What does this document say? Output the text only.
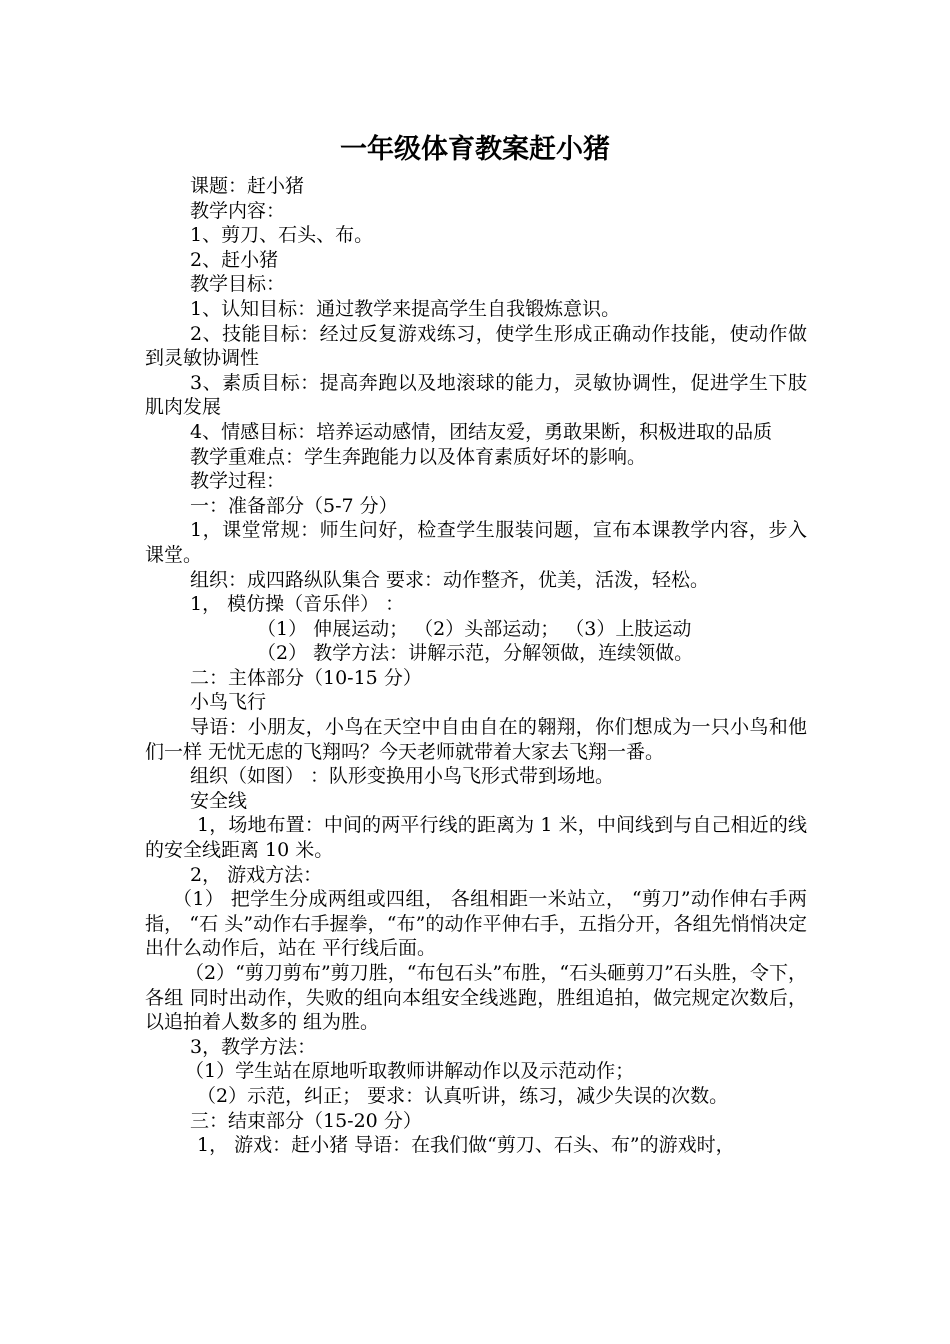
一年级体育教案赶小猪

课题：赶小猪

教学内容：

1、剪刀、石头、布。

2、赶小猪

教学目标：

1、认知目标：通过教学来提高学生自我锻炼意识。

2、技能目标：经过反复游戏练习，使学生形成正确动作技能，使动作做到灵敏协调性

3、素质目标：提高奔跑以及地滚球的能力，灵敏协调性，促进学生下肢肌肉发展

4、情感目标：培养运动感情，团结友爱，勇敢果断，积极进取的品质

教学重难点：学生奔跑能力以及体育素质好坏的影响。

教学过程：

一：准备部分（5-7 分）

1，课堂常规：师生问好，检查学生服装问题，宣布本课教学内容，步入课堂。

组织：成四路纵队集合 要求：动作整齐，优美，活泼，轻松。

1， 模仿操（音乐伴） ：

（1） 伸展运动； （2）头部运动； （3）上肢运动

（2） 教学方法：讲解示范，分解领做，连续领做。

二：主体部分（10-15 分）

小鸟飞行

导语：小朋友，小鸟在天空中自由自在的翱翔，你们想成为一只小鸟和他们一样 无忧无虑的飞翔吗？今天老师就带着大家去飞翔一番。

组织（如图） ：队形变换用小鸟飞形式带到场地。

安全线

1，场地布置：中间的两平行线的距离为 1 米，中间线到与自己相近的线的安全线距离 10 米。

2， 游戏方法：

（1） 把学生分成两组或四组， 各组相距一米站立， “剪刀”动作伸右手两指， “石 头”动作右手握拳，“布”的动作平伸右手，五指分开，各组先悄悄决定出什么动作后，站在 平行线后面。

（2）“剪刀剪布”剪刀胜，“布包石头”布胜，“石头砸剪刀”石头胜，令下，各组 同时出动作，失败的组向本组安全线逃跑，胜组追拍，做完规定次数后，以追拍着人数多的 组为胜。

3，教学方法：

（1）学生站在原地听取教师讲解动作以及示范动作；

（2）示范，纠正； 要求：认真听讲，练习，减少失误的次数。

三：结束部分（15-20 分）

1， 游戏：赶小猪 导语：在我们做“剪刀、石头、布”的游戏时，
